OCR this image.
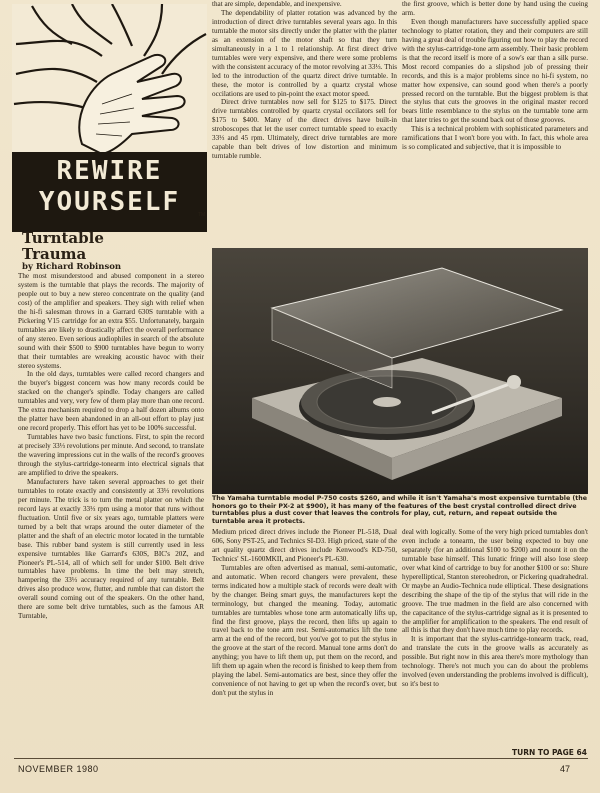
REWIRE YOURSELF	TM
Turntable
Trauma
by Richard Robinson

The most misunderstood and abused component in a stereo system is the turntable that plays the records. The majority of people out to buy a new stereo concentrate on the quality (and cost) of the amplifier and speakers. They sigh with relief when the hi-fi salesman throws in a Garrard 630S turntable with a Pickering V15 cartridge for an extra $55. Unfortunately, bargain turntables are likely to drastically affect the overall performance of any stereo. Even serious audiophiles in search of the absolute sound with their $500 to $900 turntables have begun to worry that their turntables are wreaking acoustic havoc with their stereo systems.

In the old days, turntables were called record changers and the buyer's biggest concern was how many records could be stacked on the changer's spindle. Today changers are called turntables and very, very few of them play more than one record. The extra mechanism required to drop a half dozen albums onto the platter have been abandoned in an all-out effort to play just one record properly. This effort has yet to be 100% successful.

Turntables have two basic functions. First, to spin the record at precisely 33⅓ revolutions per minute. And second, to translate the wavering impressions cut in the walls of the record's grooves through the stylus-cartridge-tonearm into electrical signals that are amplified to drive the speakers.

Manufacturers have taken several approaches to get their turntables to rotate exactly and consistently at 33⅓ revolutions per minute. The trick is to turn the metal platter on which the record lays at exactly 33⅓ rpm using a motor that runs without fluctuation. Until five or six years ago, turntable platters were turned by a belt that wraps around the outer diameter of the platter and the shaft of an electric motor located in the turntable base. This rubber band system is still currently used in less expensive turntables like Garrard's 630S, BIC's 20Z, and Pioneer's PL-514, all of which sell for under $100. Belt drive turntables have problems. In time the belt may stretch, hampering the 33⅓ accuracy required of any turntable. Belt drives also produce wow, flutter, and rumble that can distort the overall sound coming out of the speakers. On the other hand, there are some belt drive turntables, such as the famous AR Turntable,

that are simple, dependable, and inexpensive.

The dependability of platter rotation was advanced by the introduction of direct drive turntables several years ago. In this turntable the motor sits directly under the platter with the platter as an extension of the motor shaft so that they turn simultaneously in a 1 to 1 relationship. At first direct drive turntables were very expensive, and there were some problems with the consistent accuracy of the motor revolving at 33⅓. This led to the introduction of the quartz direct drive turntable. In these, the motor is controlled by a quartz crystal whose occilations are used to pin-point the exact motor speed.

Direct drive turntables now sell for $125 to $175. Direct drive turntables controlled by quartz crystal occilators sell for $175 to $400. Many of the direct drives have built-in stroboscopes that let the user correct turntable speed to exactly 33⅓ and 45 rpm. Ultimately, direct drive turntables are more capable than belt drives of low distortion and minimum turntable rumble.

the first groove, which is better done by hand using the cueing arm.

Even though manufacturers have successfully applied space technology to platter rotation, they and their computers are still having a great deal of trouble figuring out how to play the record with the stylus-cartridge-tone arm assembly. Their basic problem is that the record itself is more of a sow's ear than a silk purse. Most record companies do a slipshod job of pressing their records, and this is a major problems since no hi-fi system, no matter how expensive, can sound good when there's a poorly pressed record on the turntable. But the biggest problem is that the stylus that cuts the grooves in the original master record bears little resemblance to the stylus on the turntable tone arm that later tries to get the sound back out of those grooves.

This is a technical problem with sophisticated parameters and ramifications that I won't bore you with. In fact, this whole area is so complicated and subjective, that it is impossible to

The Yamaha turntable model P-750 costs $260, and while it isn't Yamaha's most expensive turntable (the honors go to their PX-2 at $900), it has many of the features of the best crystal controlled direct drive turntables plus a dust cover that leaves the controls for play, cut, return, and repeat outside the turntable area it protects.

Medium priced direct drives include the Pioneer PL-518, Dual 606, Sony PST-25, and Technics SI-D3. High priced, state of the art quality quartz direct drives include Kenwood's KD-750, Technics' SL-1600MKII, and Pioneer's PL-630.

Turntables are often advertised as manual, semi-automatic, and automatic. When record changers were prevalent, these terms indicated how a multiple stack of records were dealt with by the changer. Being smart guys, the manufacturers kept the terminology, but changed the meaning. Today, automatic turntables are turntables whose tone arm automatically lifts up, find the first groove, plays the record, then lifts up again to travel back to the tone arm rest. Semi-automatics lift the tone arm at the end of the record, but you've got to put the stylus in the groove at the start of the record. Manual tone arms don't do anything; you have to lift them up, put them on the record, and lift them up again when the record is finished to keep them from playing the label. Semi-automatics are best, since they offer the convenience of not having to get up when the record's over, but don't put the stylus in

deal with logically. Some of the very high priced turntables don't even include a tonearm, the user being expected to buy one separately (for an additional $100 to $200) and mount it on the turntable base himself. This lunatic fringe will also lose sleep over what kind of cartridge to buy for another $100 or so: Shure hyperelliptical, Stanton stereohedron, or Pickering quadrahedral. Or maybe an Audio-Technica nude elliptical. These designations describing the shape of the tip of the stylus that will ride in the groove. The true madmen in the field are also concerned with the capacitance of the stylus-cartridge signal as it is presented to the amplifier for amplification to the speakers. The end result of all this is that they don't have much time to play records.

It is important that the stylus-cartridge-tonearm track, read, and translate the cuts in the groove walls as accurately as possible. But right now in this area there's more mythology than technology. There's not much you can do about the problems involved (even understanding the problems involved is difficult), so it's best to

TURN TO PAGE 64
NOVEMBER 1980	47
